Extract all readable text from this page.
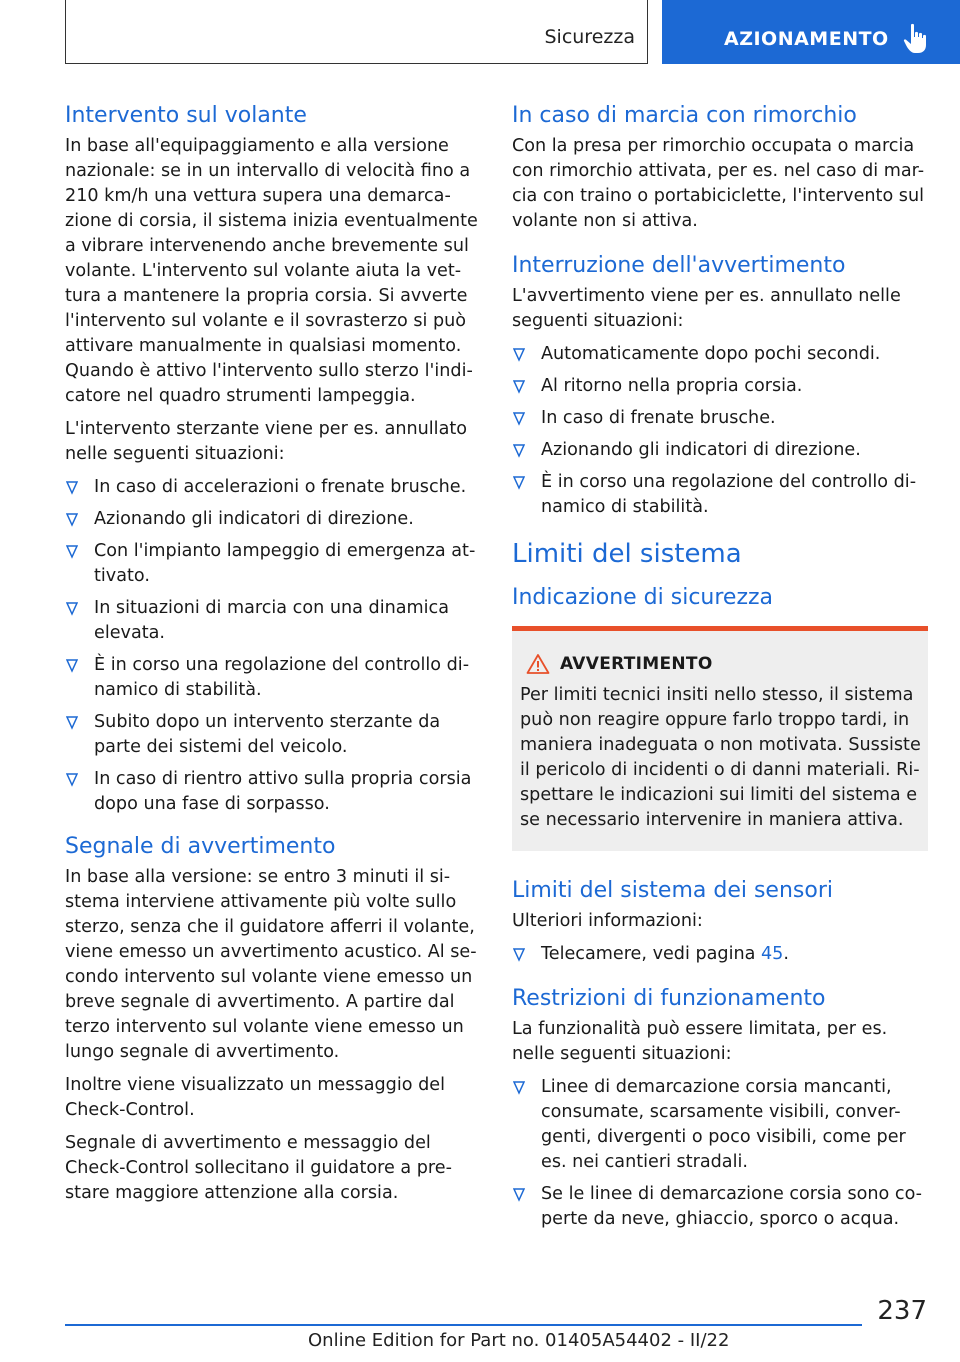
Sicurezza	AZIONAMENTO
Intervento sul volante

In base all'equipaggiamento e alla versione nazionale: se in un intervallo di velocità fino a 210 km/h una vettura supera una demarca-zione di corsia, il sistema inizia eventualmente a vibrare intervenendo anche brevemente sul volante. L'intervento sul volante aiuta la vet-tura a mantenere la propria corsia. Si avverte l'intervento sul volante e il sovrasterzo si può attivare manualmente in qualsiasi momento. Quando è attivo l'intervento sullo sterzo l'indi-catore nel quadro strumenti lampeggia.

L'intervento sterzante viene per es. annullato nelle seguenti situazioni:

In caso di accelerazioni o frenate brusche.
Azionando gli indicatori di direzione.
Con l'impianto lampeggio di emergenza at-tivato.
In situazioni di marcia con una dinamica elevata.
È in corso una regolazione del controllo di-namico di stabilità.
Subito dopo un intervento sterzante da parte dei sistemi del veicolo.
In caso di rientro attivo sulla propria corsia dopo una fase di sorpasso.
Segnale di avvertimento

In base alla versione: se entro 3 minuti il si-stema interviene attivamente più volte sullo sterzo, senza che il guidatore afferri il volante, viene emesso un avvertimento acustico. Al se-condo intervento sul volante viene emesso un breve segnale di avvertimento. A partire dal terzo intervento sul volante viene emesso un lungo segnale di avvertimento.

Inoltre viene visualizzato un messaggio del Check-Control.

Segnale di avvertimento e messaggio del Check-Control sollecitano il guidatore a pre-stare maggiore attenzione alla corsia.

In caso di marcia con rimorchio

Con la presa per rimorchio occupata o marcia con rimorchio attivata, per es. nel caso di mar-cia con traino o portabiciclette, l'intervento sul volante non si attiva.

Interruzione dell'avvertimento

L'avvertimento viene per es. annullato nelle seguenti situazioni:

Automaticamente dopo pochi secondi.
Al ritorno nella propria corsia.
In caso di frenate brusche.
Azionando gli indicatori di direzione.
È in corso una regolazione del controllo di-namico di stabilità.
Limiti del sistema
Indicazione di sicurezza
AVVERTIMENTO

Per limiti tecnici insiti nello stesso, il sistema può non reagire oppure farlo troppo tardi, in maniera inadeguata o non motivata. Sussiste il pericolo di incidenti o di danni materiali. Ri-spettare le indicazioni sui limiti del sistema e se necessario intervenire in maniera attiva.

Limiti del sistema dei sensori

Ulteriori informazioni:

Telecamere, vedi pagina 45.
Restrizioni di funzionamento

La funzionalità può essere limitata, per es. nelle seguenti situazioni:

Linee di demarcazione corsia mancanti, consumate, scarsamente visibili, conver-genti, divergenti o poco visibili, come per es. nei cantieri stradali.
Se le linee di demarcazione corsia sono co-perte da neve, ghiaccio, sporco o acqua.
237
Online Edition for Part no. 01405A54402 - II/22
